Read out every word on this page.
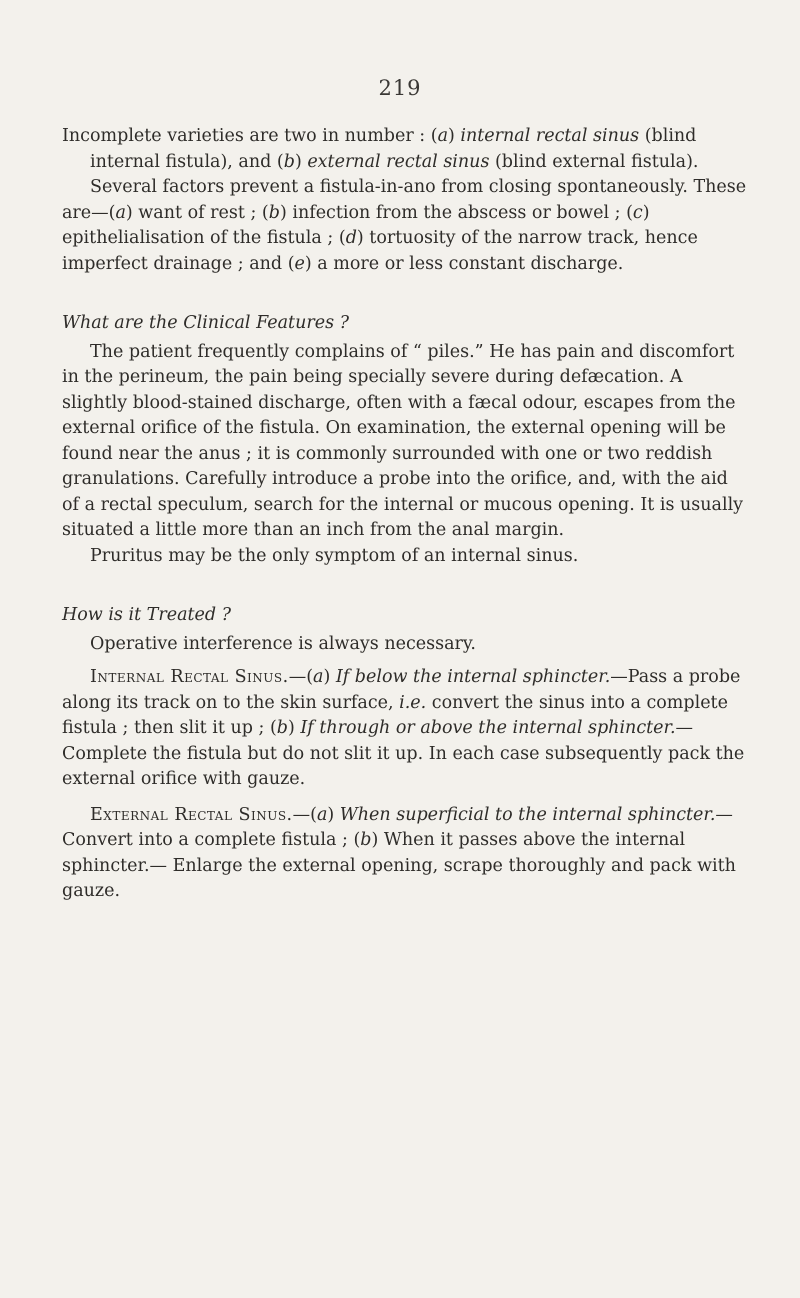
219

Incomplete varieties are two in number : (a) internal rectal sinus (blind internal fistula), and (b) external rectal sinus (blind external fistula).

Several factors prevent a fistula-in-ano from closing spontaneously. These are—(a) want of rest ; (b) infection from the abscess or bowel ; (c) epithelialisation of the fistula ; (d) tortuosity of the narrow track, hence imperfect drainage ; and (e) a more or less constant discharge.

What are the Clinical Features ?

The patient frequently complains of “ piles.” He has pain and discomfort in the perineum, the pain being specially severe during defæcation. A slightly blood-stained discharge, often with a fæcal odour, escapes from the external orifice of the fistula. On examination, the external opening will be found near the anus ; it is commonly surrounded with one or two reddish granulations. Carefully introduce a probe into the orifice, and, with the aid of a rectal speculum, search for the internal or mucous opening. It is usually situated a little more than an inch from the anal margin.

Pruritus may be the only symptom of an internal sinus.

How is it Treated ?

Operative interference is always necessary.

Internal Rectal Sinus.—(a) If below the internal sphincter.—Pass a probe along its track on to the skin surface, i.e. convert the sinus into a complete fistula ; then slit it up ; (b) If through or above the internal sphincter.—Complete the fistula but do not slit it up. In each case subsequently pack the external orifice with gauze.

External Rectal Sinus.—(a) When superficial to the internal sphincter.—Convert into a complete fistula ; (b) When it passes above the internal sphincter.— Enlarge the external opening, scrape thoroughly and pack with gauze.
